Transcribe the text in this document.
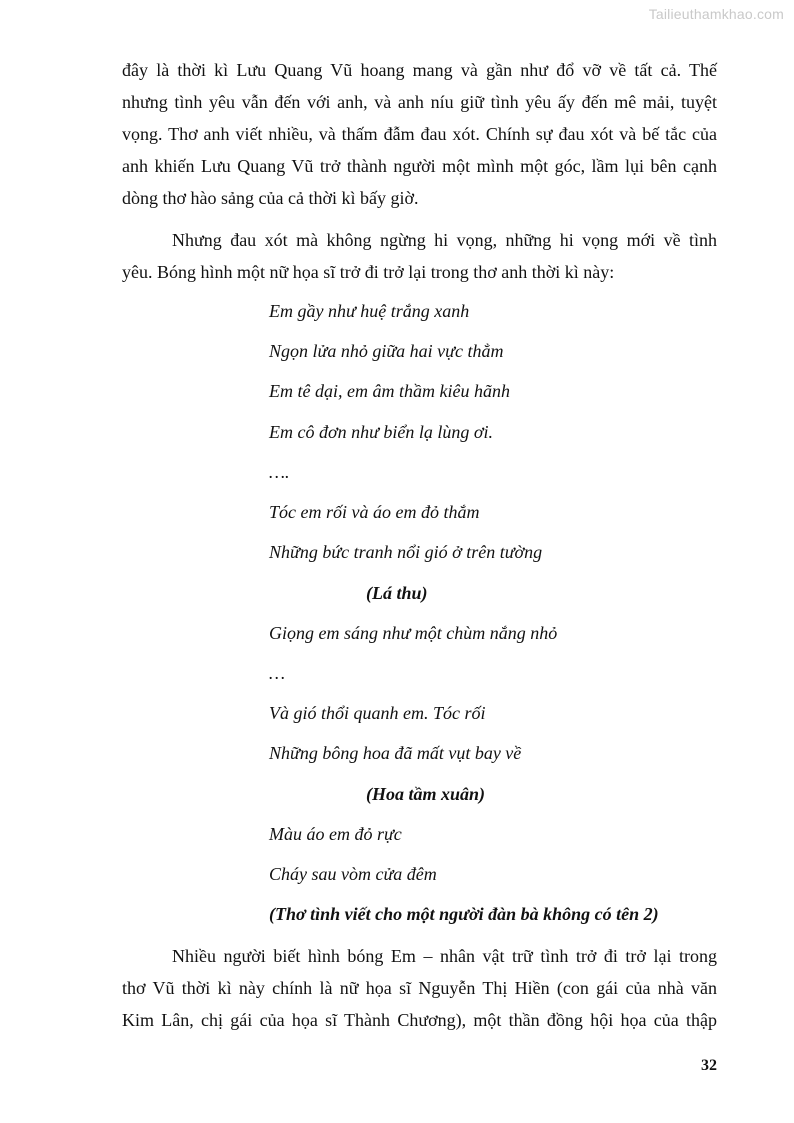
Tailieuthamkhao.com
đây là thời kì Lưu Quang Vũ hoang mang và gần như đổ vỡ về tất cả. Thế
nhưng tình yêu vẫn đến với anh, và anh níu giữ tình yêu ấy đến mê mải, tuyệt
vọng. Thơ anh viết nhiều, và thấm đẫm đau xót. Chính sự đau xót và bế tắc của
anh khiến Lưu Quang Vũ trở thành người một mình một góc, lầm lụi bên cạnh
dòng thơ hào sảng của cả thời kì bấy giờ.
Nhưng đau xót mà không ngừng hi vọng, những hi vọng mới về tình
yêu. Bóng hình một nữ họa sĩ trở đi trở lại trong thơ anh thời kì này:
Em gầy như huệ trắng xanh
Ngọn lửa nhỏ giữa hai vực thẳm
Em tê dại, em âm thầm kiêu hãnh
Em cô đơn như biển lạ lùng ơi.
….
Tóc em rối và áo em đỏ thắm
Những bức tranh nổi gió ở trên tường
(Lá thu)
Giọng em sáng như một chùm nắng nhỏ
…
Và gió thổi quanh em. Tóc rối
Những bông hoa đã mất vụt bay về
(Hoa tầm xuân)
Màu áo em đỏ rực
Cháy sau vòm cửa đêm
(Thơ tình viết cho một người đàn bà không có tên 2)
Nhiều người biết hình bóng Em – nhân vật trữ tình trở đi trở lại trong
thơ Vũ thời kì này chính là nữ họa sĩ Nguyễn Thị Hiền (con gái của nhà văn
Kim Lân, chị gái của họa sĩ Thành Chương), một thần đồng hội họa của thập
32
